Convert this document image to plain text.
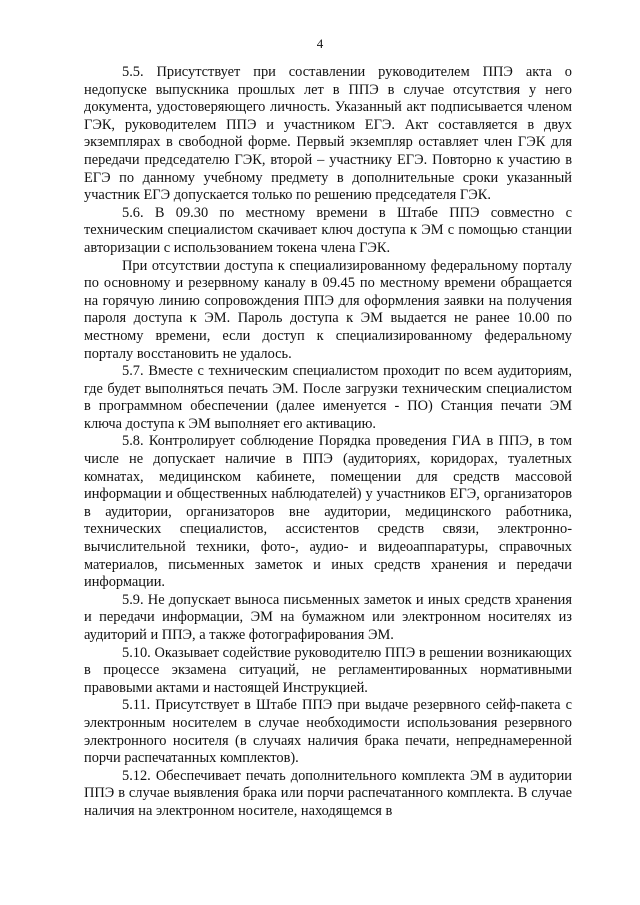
4

5.5. Присутствует при составлении руководителем ППЭ акта о недопуске выпускника прошлых лет в ППЭ в случае отсутствия у него документа, удостоверяющего личность. Указанный акт подписывается членом ГЭК, руководителем ППЭ и участником ЕГЭ. Акт составляется в двух экземплярах в свободной форме. Первый экземпляр оставляет член ГЭК для передачи председателю ГЭК, второй – участнику ЕГЭ. Повторно к участию в ЕГЭ по данному учебному предмету в дополнительные сроки указанный участник ЕГЭ допускается только по решению председателя ГЭК.

5.6. В 09.30 по местному времени в Штабе ППЭ совместно с техническим специалистом скачивает ключ доступа к ЭМ с помощью станции авторизации с использованием токена члена ГЭК.

При отсутствии доступа к специализированному федеральному порталу по основному и резервному каналу в 09.45 по местному времени обращается на горячую линию сопровождения ППЭ для оформления заявки на получения пароля доступа к ЭМ. Пароль доступа к ЭМ выдается не ранее 10.00 по местному времени, если доступ к специализированному федеральному порталу восстановить не удалось.

5.7. Вместе с техническим специалистом проходит по всем аудиториям, где будет выполняться печать ЭМ. После загрузки техническим специалистом в программном обеспечении (далее именуется - ПО) Станция печати ЭМ ключа доступа к ЭМ выполняет его активацию.

5.8. Контролирует соблюдение Порядка проведения ГИА в ППЭ, в том числе не допускает наличие в ППЭ (аудиториях, коридорах, туалетных комнатах, медицинском кабинете, помещении для средств массовой информации и общественных наблюдателей) у участников ЕГЭ, организаторов в аудитории, организаторов вне аудитории, медицинского работника, технических специалистов, ассистентов средств связи, электронно-вычислительной техники, фото-, аудио- и видеоаппаратуры, справочных материалов, письменных заметок и иных средств хранения и передачи информации.

5.9. Не допускает выноса письменных заметок и иных средств хранения и передачи информации, ЭМ на бумажном или электронном носителях из аудиторий и ППЭ, а также фотографирования ЭМ.

5.10. Оказывает содействие руководителю ППЭ в решении возникающих в процессе экзамена ситуаций, не регламентированных нормативными правовыми актами и настоящей Инструкцией.

5.11. Присутствует в Штабе ППЭ при выдаче резервного сейф-пакета с электронным носителем в случае необходимости использования резервного электронного носителя (в случаях наличия брака печати, непреднамеренной порчи распечатанных комплектов).

5.12. Обеспечивает печать дополнительного комплекта ЭМ в аудитории ППЭ в случае выявления брака или порчи распечатанного комплекта. В случае наличия на электронном носителе, находящемся в
